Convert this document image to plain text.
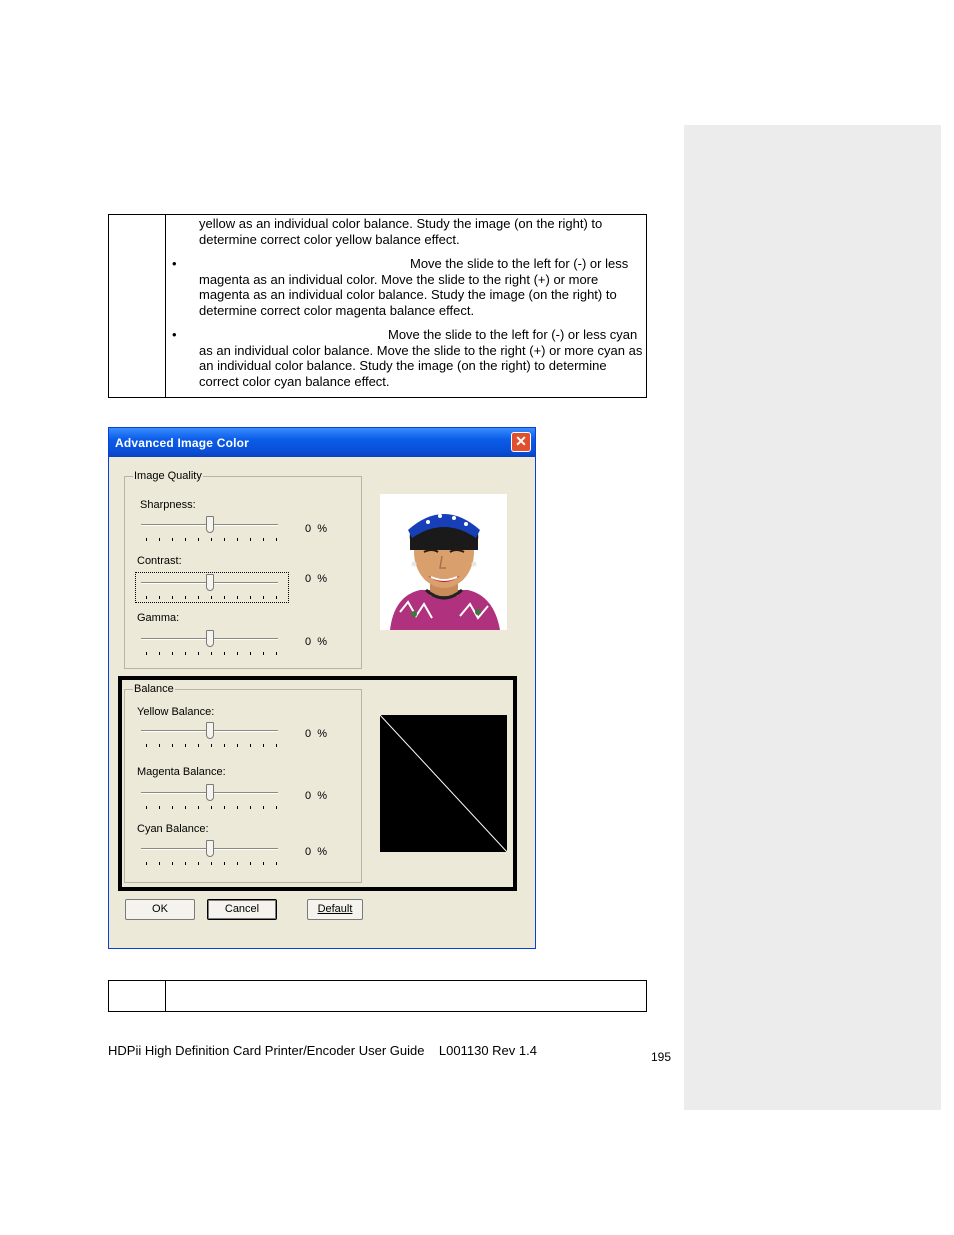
yellow as an individual color balance. Study the image (on the right) to determine correct color yellow balance effect.
•	Move the slide to the left for (-) or less magenta as an individual color. Move the slide to the right (+) or more magenta as an individual color balance. Study the image (on the right) to determine correct color magenta balance effect.
•	Move the slide to the left for (-) or less cyan as an individual color balance. Move the slide to the right (+) or more cyan as an individual color balance. Study the image (on the right) to determine correct color cyan balance effect.
Advanced Image Color	✕
Image Quality
Sharpness:
0 %
Contrast:
0 %
Gamma:
0 %
Balance
Yellow Balance:
0 %
Magenta Balance:
0 %
Cyan Balance:
0 %
OK	Cancel	Default
HDPii High Definition Card Printer/Encoder User Guide    L001130 Rev 1.4	195
